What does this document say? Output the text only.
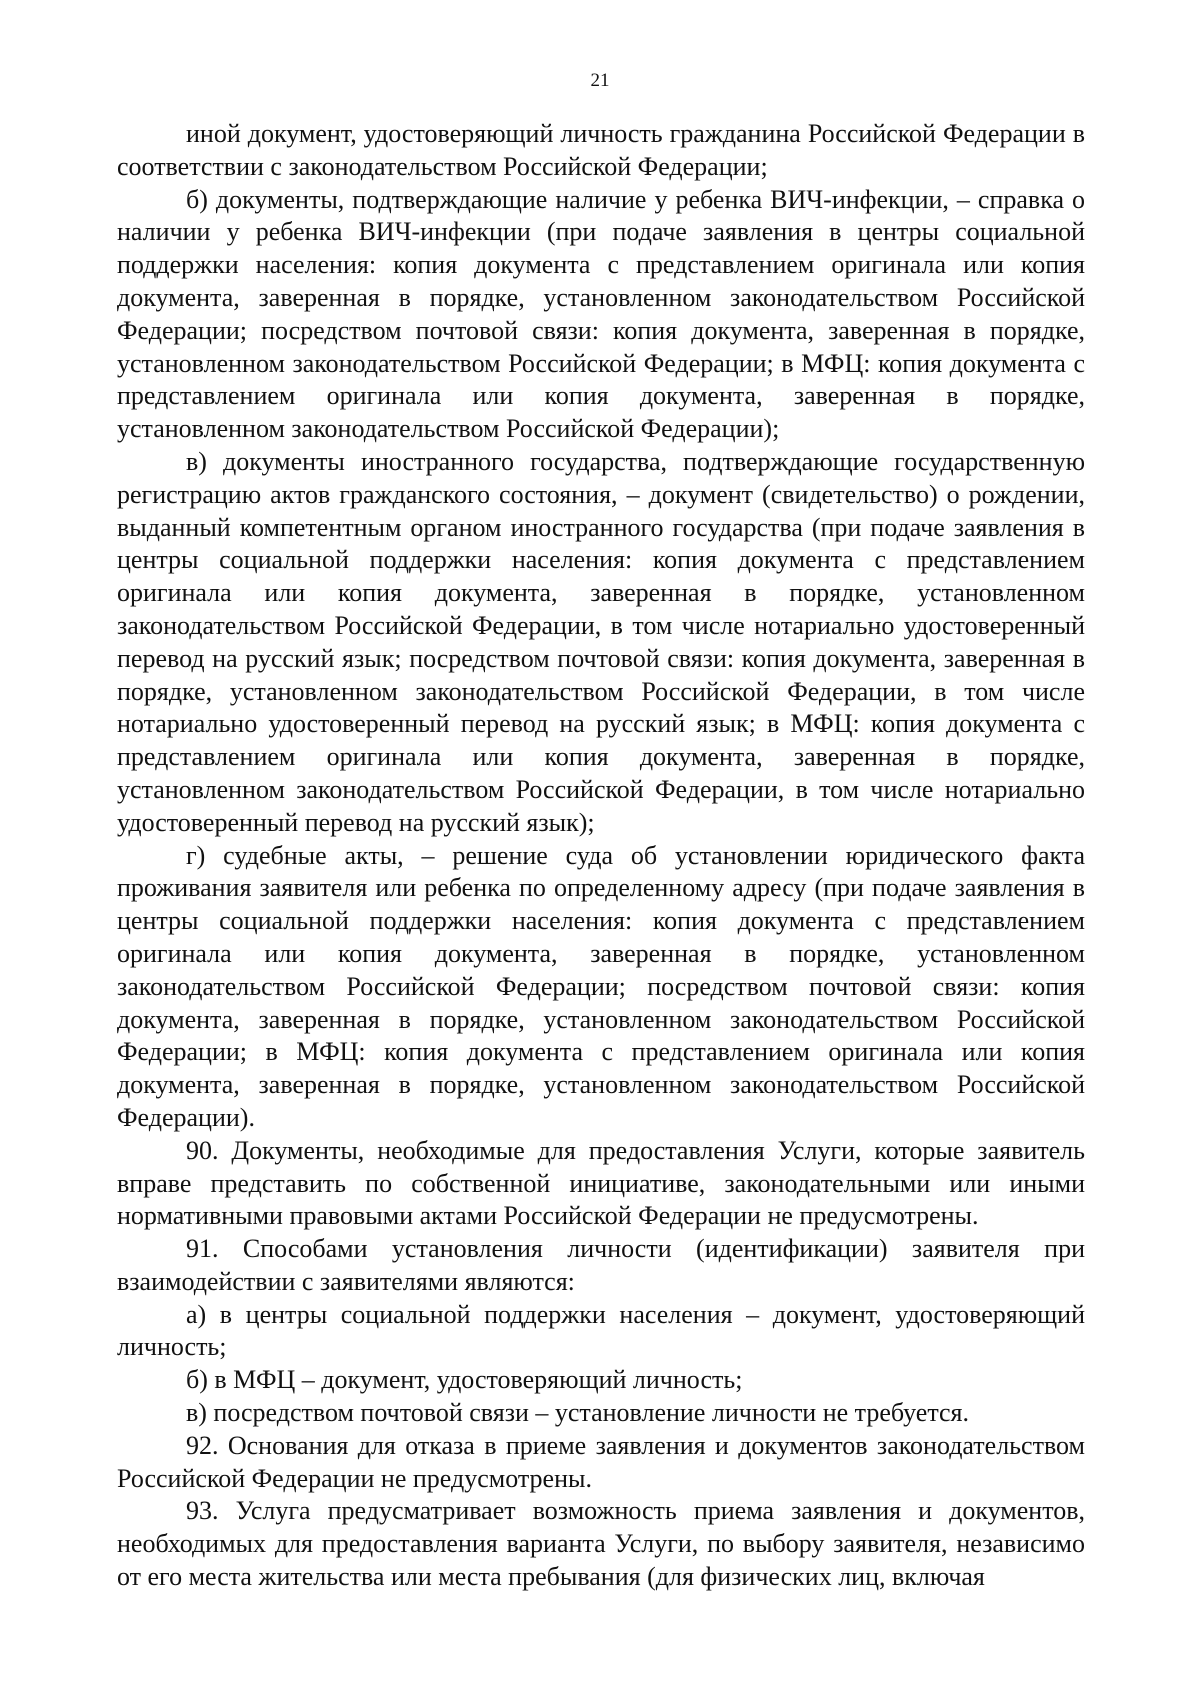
21

иной документ, удостоверяющий личность гражданина Российской Федерации в соответствии с законодательством Российской Федерации;

б) документы, подтверждающие наличие у ребенка ВИЧ-инфекции, – справка о наличии у ребенка ВИЧ-инфекции (при подаче заявления в центры социальной поддержки населения: копия документа с представлением оригинала или копия документа, заверенная в порядке, установленном законодательством Российской Федерации; посредством почтовой связи: копия документа, заверенная в порядке, установленном законодательством Российской Федерации; в МФЦ: копия документа с представлением оригинала или копия документа, заверенная в порядке, установленном законодательством Российской Федерации);

в) документы иностранного государства, подтверждающие государственную регистрацию актов гражданского состояния, – документ (свидетельство) о рождении, выданный компетентным органом иностранного государства (при подаче заявления в центры социальной поддержки населения: копия документа с представлением оригинала или копия документа, заверенная в порядке, установленном законодательством Российской Федерации, в том числе нотариально удостоверенный перевод на русский язык; посредством почтовой связи: копия документа, заверенная в порядке, установленном законодательством Российской Федерации, в том числе нотариально удостоверенный перевод на русский язык; в МФЦ: копия документа с представлением оригинала или копия документа, заверенная в порядке, установленном законодательством Российской Федерации, в том числе нотариально удостоверенный перевод на русский язык);

г) судебные акты, – решение суда об установлении юридического факта проживания заявителя или ребенка по определенному адресу (при подаче заявления в центры социальной поддержки населения: копия документа с представлением оригинала или копия документа, заверенная в порядке, установленном законодательством Российской Федерации; посредством почтовой связи: копия документа, заверенная в порядке, установленном законодательством Российской Федерации; в МФЦ: копия документа с представлением оригинала или копия документа, заверенная в порядке, установленном законодательством Российской Федерации).

90. Документы, необходимые для предоставления Услуги, которые заявитель вправе представить по собственной инициативе, законодательными или иными нормативными правовыми актами Российской Федерации не предусмотрены.

91. Способами установления личности (идентификации) заявителя при взаимодействии с заявителями являются:

а) в центры социальной поддержки населения – документ, удостоверяющий личность;

б) в МФЦ – документ, удостоверяющий личность;

в) посредством почтовой связи – установление личности не требуется.

92. Основания для отказа в приеме заявления и документов законодательством Российской Федерации не предусмотрены.

93. Услуга предусматривает возможность приема заявления и документов, необходимых для предоставления варианта Услуги, по выбору заявителя, независимо от его места жительства или места пребывания (для физических лиц, включая
